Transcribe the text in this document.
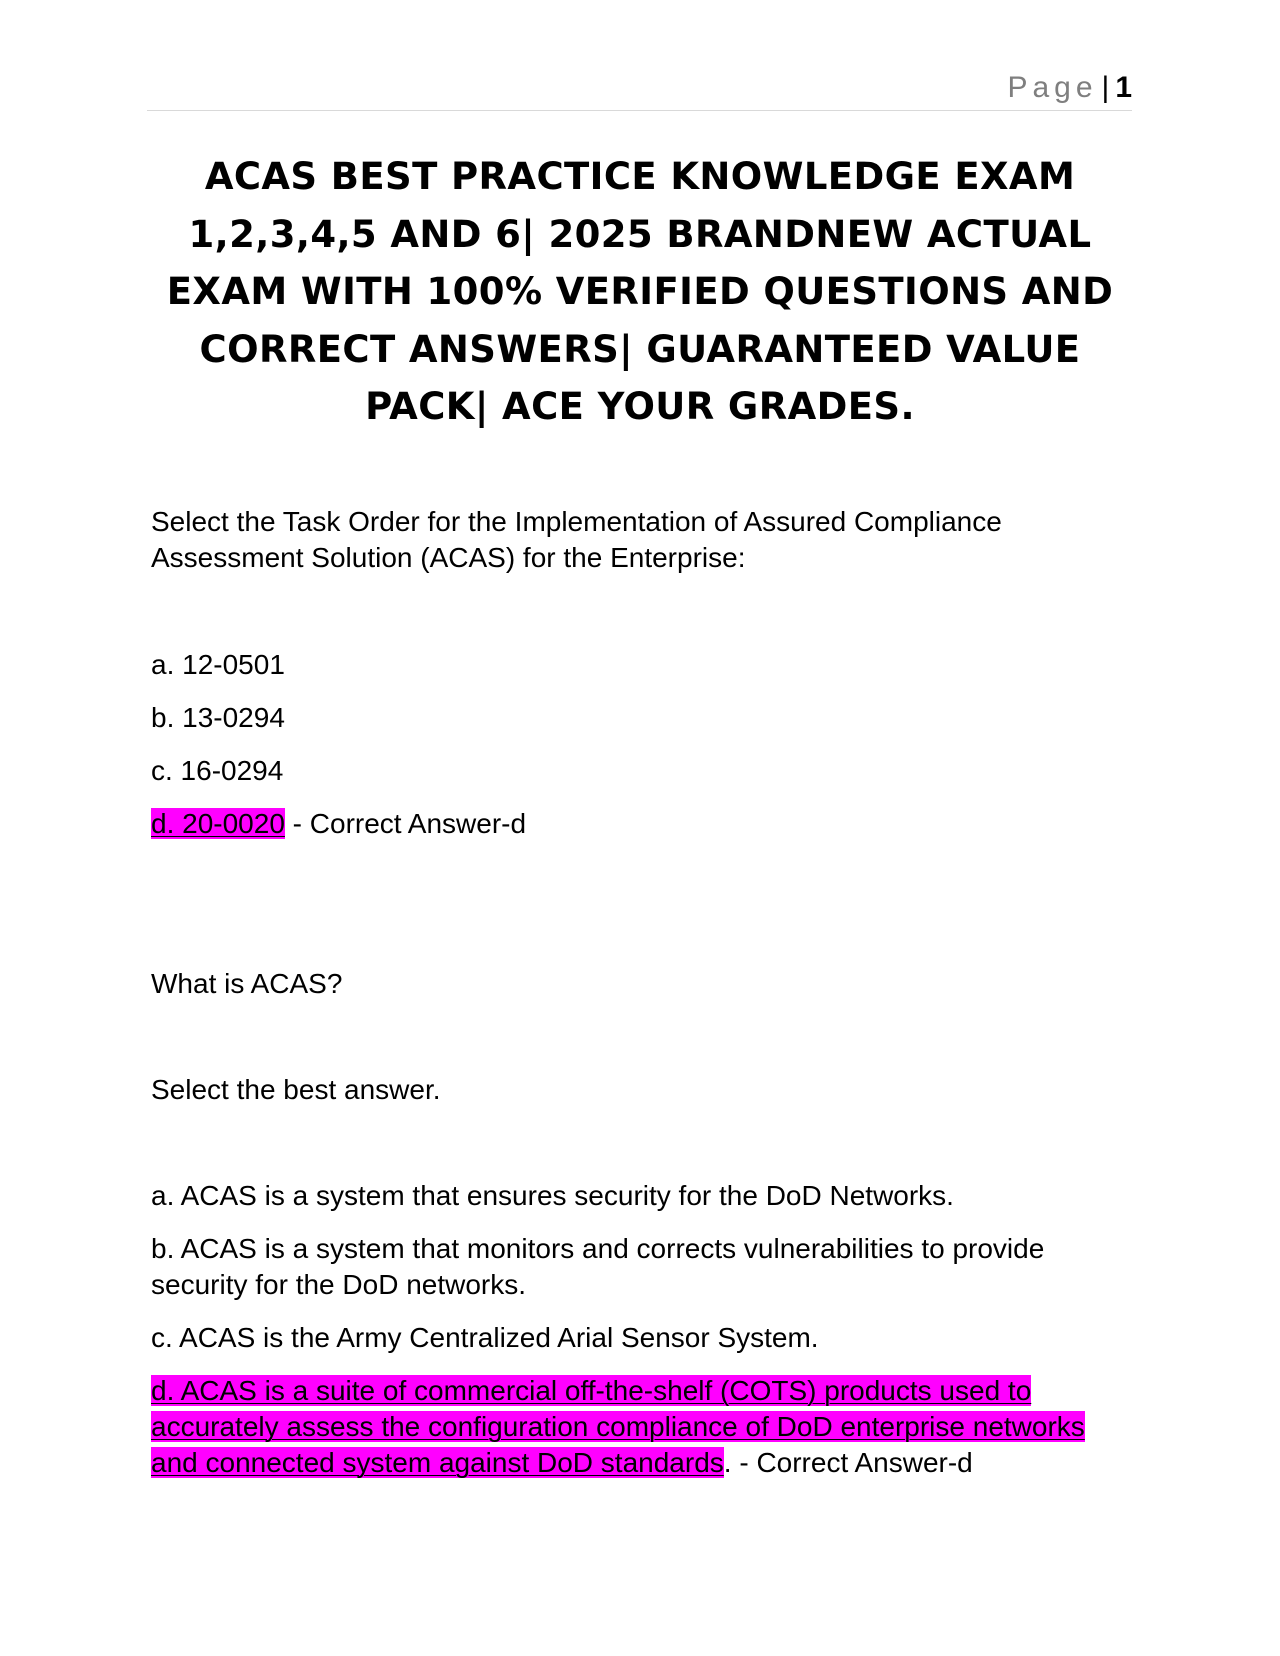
Page | 1
ACAS BEST PRACTICE KNOWLEDGE EXAM 1,2,3,4,5 AND 6| 2025 BRANDNEW ACTUAL EXAM WITH 100% VERIFIED QUESTIONS AND CORRECT ANSWERS| GUARANTEED VALUE PACK| ACE YOUR GRADES.

Select the Task Order for the Implementation of Assured Compliance Assessment Solution (ACAS) for the Enterprise:

a. 12-0501

b. 13-0294

c. 16-0294

d. 20-0020 - Correct Answer-d

What is ACAS?

Select the best answer.

a. ACAS is a system that ensures security for the DoD Networks.

b. ACAS is a system that monitors and corrects vulnerabilities to provide security for the DoD networks.

c. ACAS is the Army Centralized Arial Sensor System.

d. ACAS is a suite of commercial off-the-shelf (COTS) products used to accurately assess the configuration compliance of DoD enterprise networks and connected system against DoD standards. - Correct Answer-d
